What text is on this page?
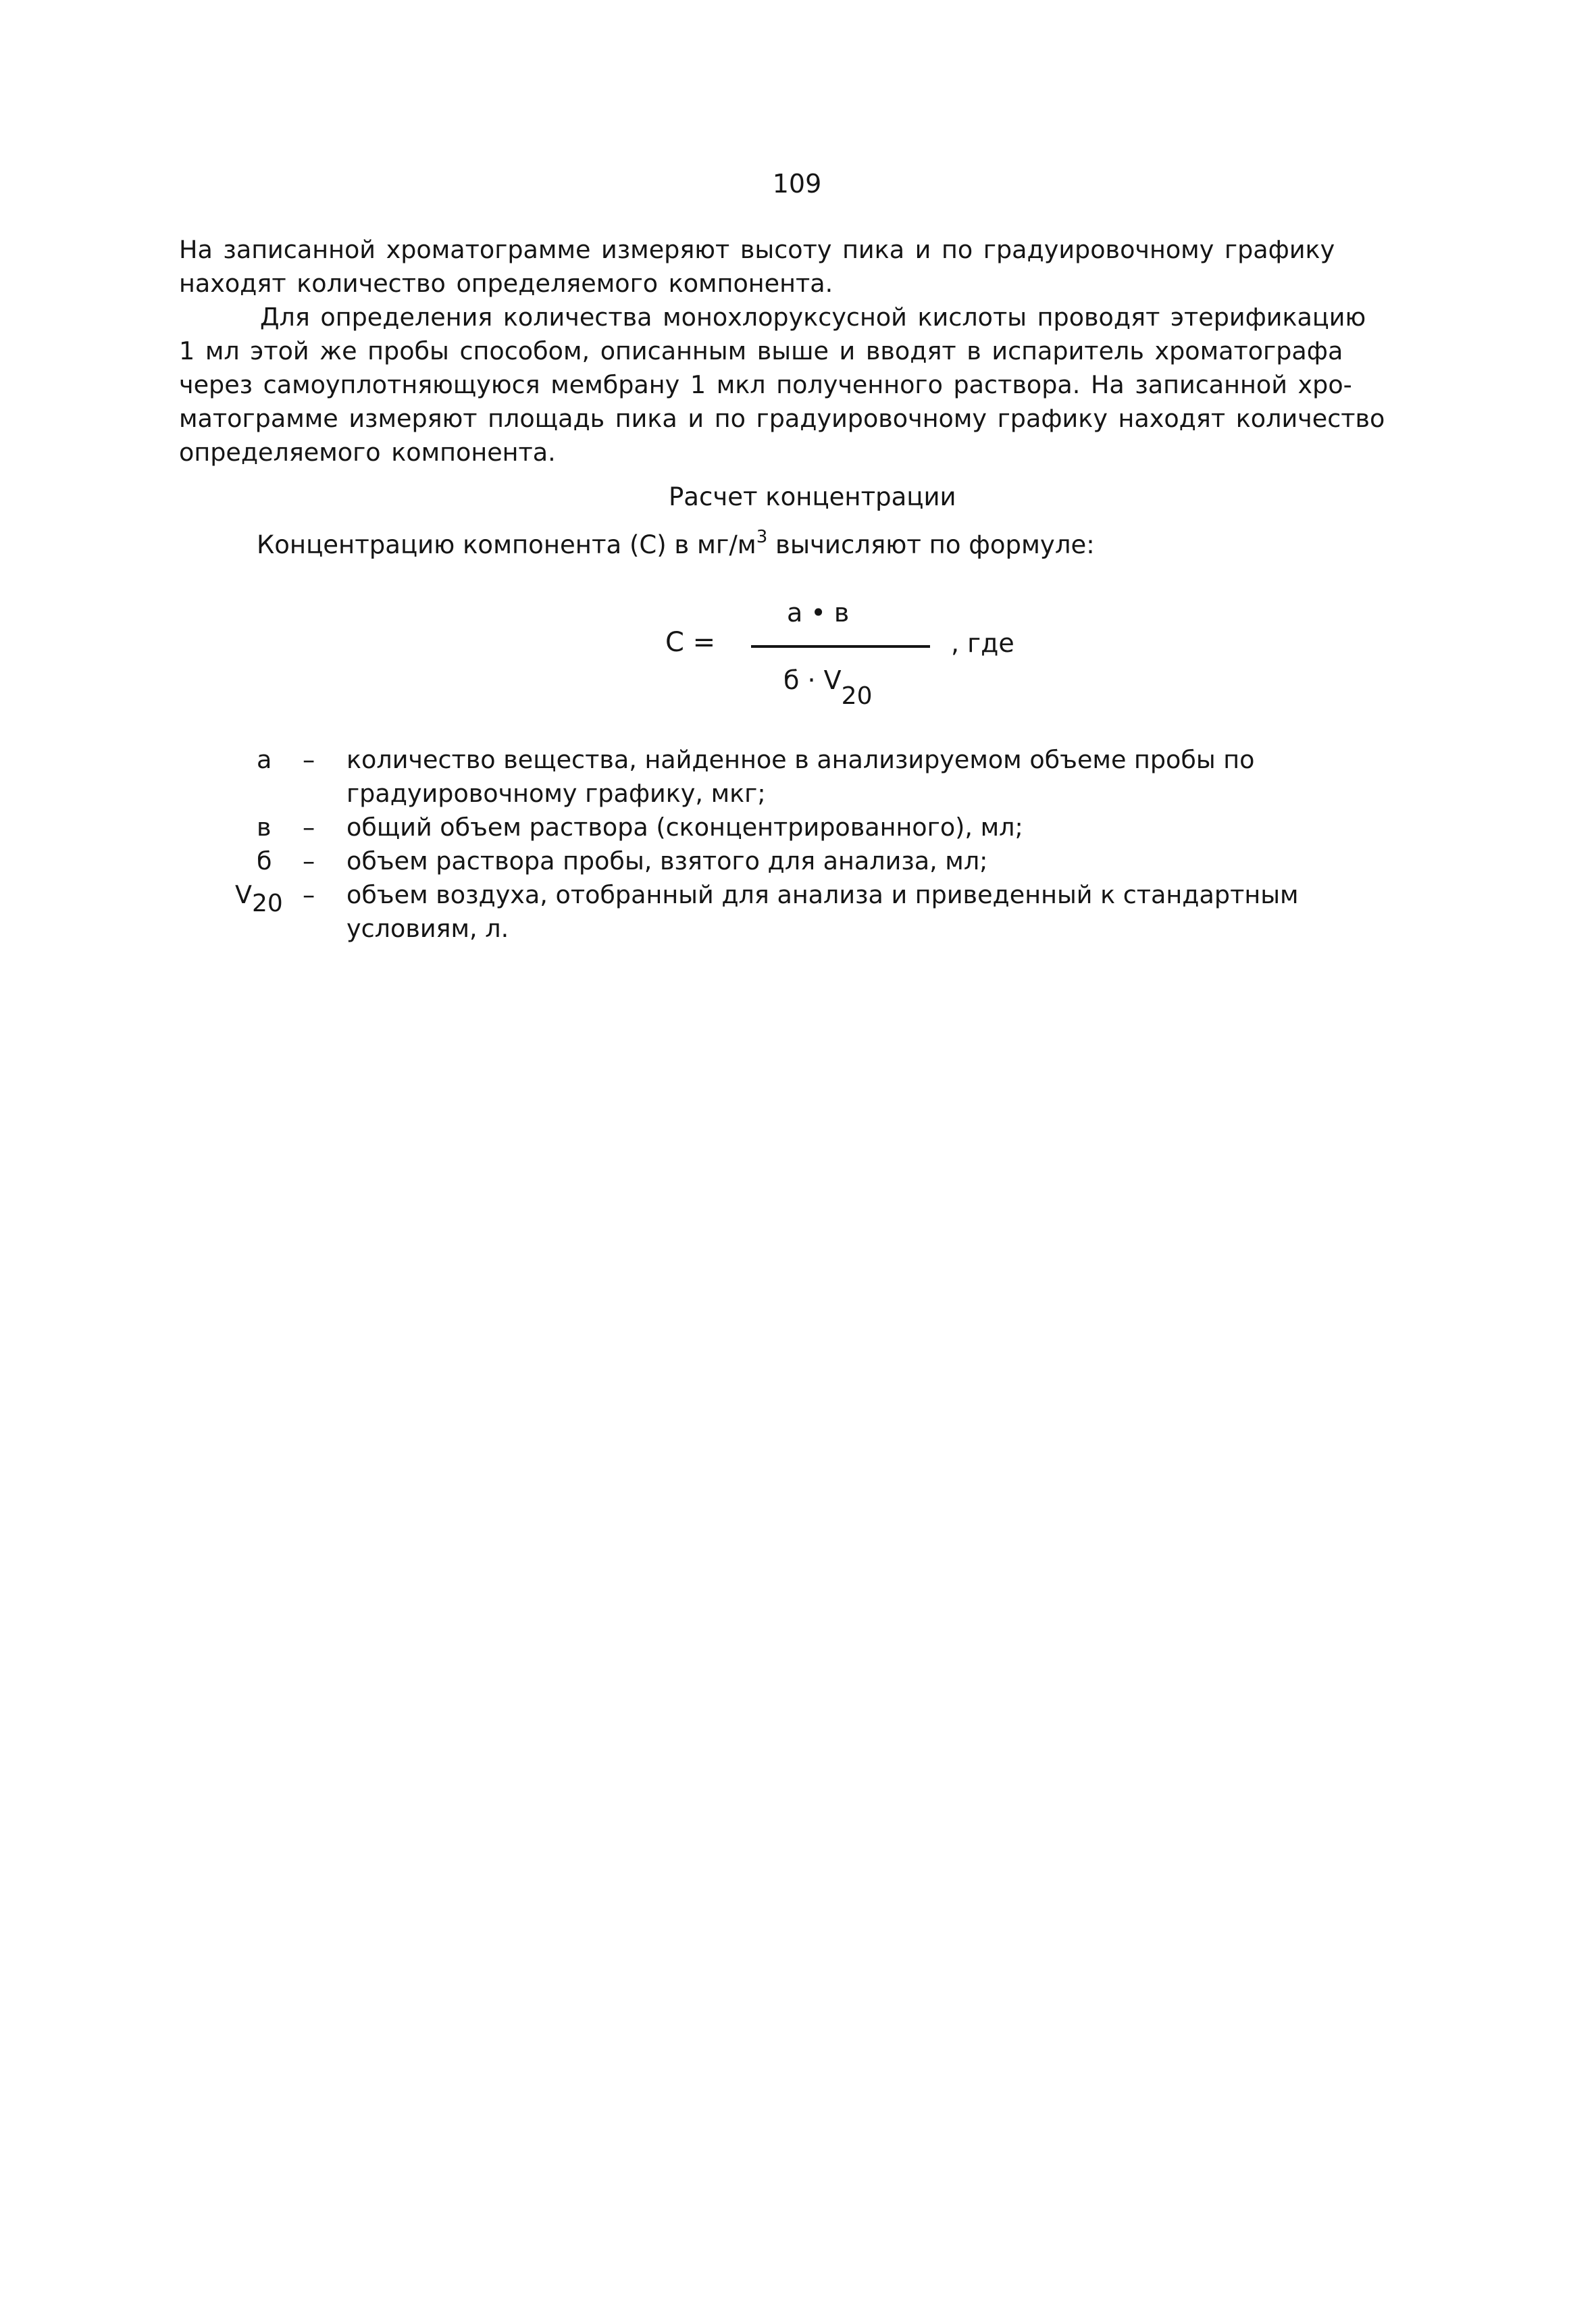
109
На записанной хроматограмме измеряют высоту пика и по градуировочному графику
находят количество определяемого компонента.
Для определения количества монохлоруксусной кислоты проводят этерификацию
1 мл этой же пробы способом, описанным выше и вводят в испаритель хроматографа
через самоуплотняющуюся мембрану 1 мкл полученного раствора. На записанной хро-
матограмме измеряют площадь пика и по градуировочному графику находят количество
определяемого компонента.
Расчет концентрации
Концентрацию компонента (С) в $мг/м^3$ вычисляют по формуле:
С =
а • в
$б \cdot V_{20}$
, где
а	– количество вещества, найденное в анализируемом объеме пробы по
градуировочному графику, мкг;
в	– общий объем раствора (сконцентрированного), мл;
б	– объем раствора пробы, взятого для анализа, мл;
$V_{20}$ – объем воздуха, отобранный для анализа и приведенный к стандартным
условиям, л.
